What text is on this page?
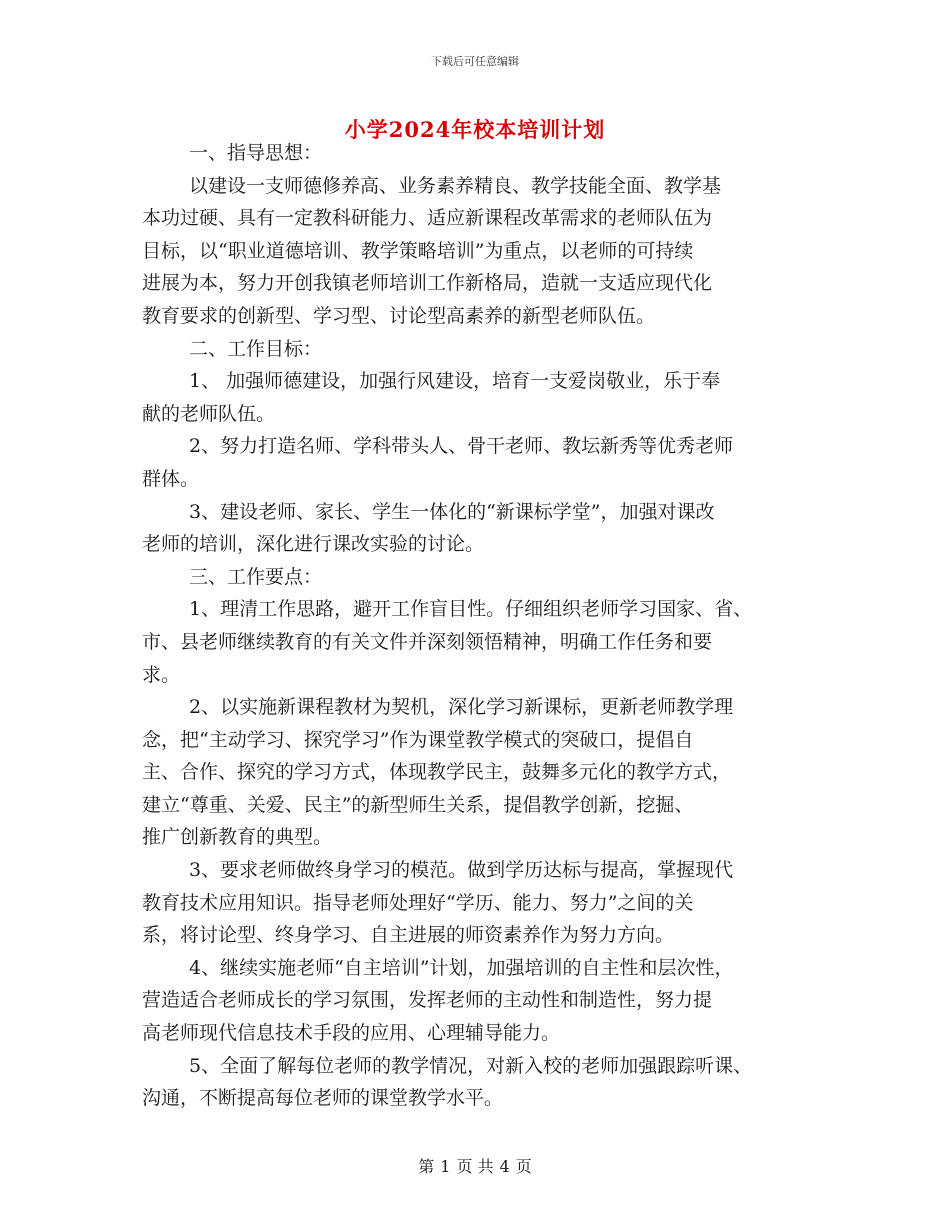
下载后可任意编辑
小学2024年校本培训计划
一、指导思想：
以建设一支师德修养高、业务素养精良、教学技能全面、教学基
本功过硬、具有一定教科研能力、适应新课程改革需求的老师队伍为
目标，以“职业道德培训、教学策略培训”为重点，以老师的可持续
进展为本，努力开创我镇老师培训工作新格局，造就一支适应现代化
教育要求的创新型、学习型、讨论型高素养的新型老师队伍。
二、工作目标：
1、 加强师德建设，加强行风建设，培育一支爱岗敬业，乐于奉
献的老师队伍。
2、努力打造名师、学科带头人、骨干老师、教坛新秀等优秀老师
群体。
3、建设老师、家长、学生一体化的“新课标学堂”，加强对课改
老师的培训，深化进行课改实验的讨论。
三、工作要点：
1、理清工作思路，避开工作盲目性。仔细组织老师学习国家、省、
市、县老师继续教育的有关文件并深刻领悟精神，明确工作任务和要
求。
2、以实施新课程教材为契机，深化学习新课标，更新老师教学理
念，把“主动学习、探究学习”作为课堂教学模式的突破口，提倡自
主、合作、探究的学习方式，体现教学民主，鼓舞多元化的教学方式，
建立“尊重、关爱、民主”的新型师生关系，提倡教学创新，挖掘、
推广创新教育的典型。
3、要求老师做终身学习的模范。做到学历达标与提高，掌握现代
教育技术应用知识。指导老师处理好“学历、能力、努力”之间的关
系，将讨论型、终身学习、自主进展的师资素养作为努力方向。
4、继续实施老师“自主培训”计划，加强培训的自主性和层次性，
营造适合老师成长的学习氛围，发挥老师的主动性和制造性，努力提
高老师现代信息技术手段的应用、心理辅导能力。
5、全面了解每位老师的教学情况，对新入校的老师加强跟踪听课、
沟通，不断提高每位老师的课堂教学水平。
第 1 页 共 4 页
